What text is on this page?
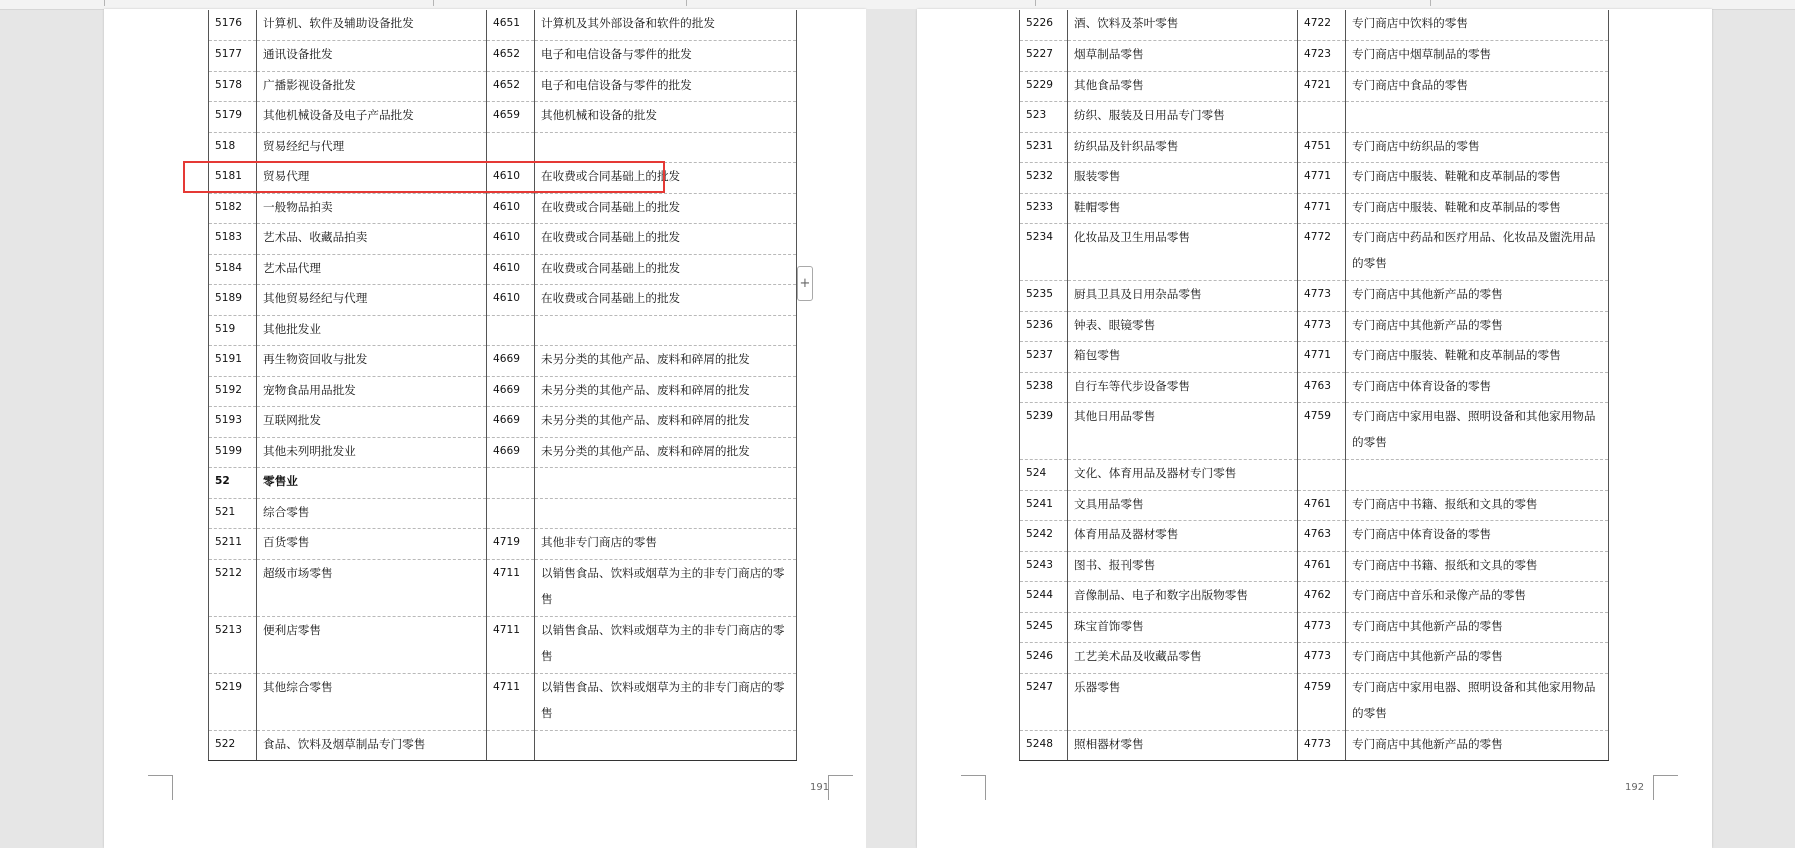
5176	计算机、软件及辅助设备批发	4651	计算机及其外部设备和软件的批发
5177	通讯设备批发	4652	电子和电信设备与零件的批发
5178	广播影视设备批发	4652	电子和电信设备与零件的批发
5179	其他机械设备及电子产品批发	4659	其他机械和设备的批发
518	贸易经纪与代理		
5181	贸易代理	4610	在收费或合同基础上的批发
5182	一般物品拍卖	4610	在收费或合同基础上的批发
5183	艺术品、收藏品拍卖	4610	在收费或合同基础上的批发
5184	艺术品代理	4610	在收费或合同基础上的批发
5189	其他贸易经纪与代理	4610	在收费或合同基础上的批发
519	其他批发业		
5191	再生物资回收与批发	4669	未另分类的其他产品、废料和碎屑的批发
5192	宠物食品用品批发	4669	未另分类的其他产品、废料和碎屑的批发
5193	互联网批发	4669	未另分类的其他产品、废料和碎屑的批发
5199	其他未列明批发业	4669	未另分类的其他产品、废料和碎屑的批发
52	零售业		
521	综合零售		
5211	百货零售	4719	其他非专门商店的零售
5212	超级市场零售	4711	以销售食品、饮料或烟草为主的非专门商店的零售
5213	便利店零售	4711	以销售食品、饮料或烟草为主的非专门商店的零售
5219	其他综合零售	4711	以销售食品、饮料或烟草为主的非专门商店的零售
522	食品、饮料及烟草制品专门零售		
191
5226	酒、饮料及茶叶零售	4722	专门商店中饮料的零售
5227	烟草制品零售	4723	专门商店中烟草制品的零售
5229	其他食品零售	4721	专门商店中食品的零售
523	纺织、服装及日用品专门零售		
5231	纺织品及针织品零售	4751	专门商店中纺织品的零售
5232	服装零售	4771	专门商店中服装、鞋靴和皮革制品的零售
5233	鞋帽零售	4771	专门商店中服装、鞋靴和皮革制品的零售
5234	化妆品及卫生用品零售	4772	专门商店中药品和医疗用品、化妆品及盥洗用品的零售
5235	厨具卫具及日用杂品零售	4773	专门商店中其他新产品的零售
5236	钟表、眼镜零售	4773	专门商店中其他新产品的零售
5237	箱包零售	4771	专门商店中服装、鞋靴和皮革制品的零售
5238	自行车等代步设备零售	4763	专门商店中体育设备的零售
5239	其他日用品零售	4759	专门商店中家用电器、照明设备和其他家用物品的零售
524	文化、体育用品及器材专门零售		
5241	文具用品零售	4761	专门商店中书籍、报纸和文具的零售
5242	体育用品及器材零售	4763	专门商店中体育设备的零售
5243	图书、报刊零售	4761	专门商店中书籍、报纸和文具的零售
5244	音像制品、电子和数字出版物零售	4762	专门商店中音乐和录像产品的零售
5245	珠宝首饰零售	4773	专门商店中其他新产品的零售
5246	工艺美术品及收藏品零售	4773	专门商店中其他新产品的零售
5247	乐器零售	4759	专门商店中家用电器、照明设备和其他家用物品的零售
5248	照相器材零售	4773	专门商店中其他新产品的零售
192
+
